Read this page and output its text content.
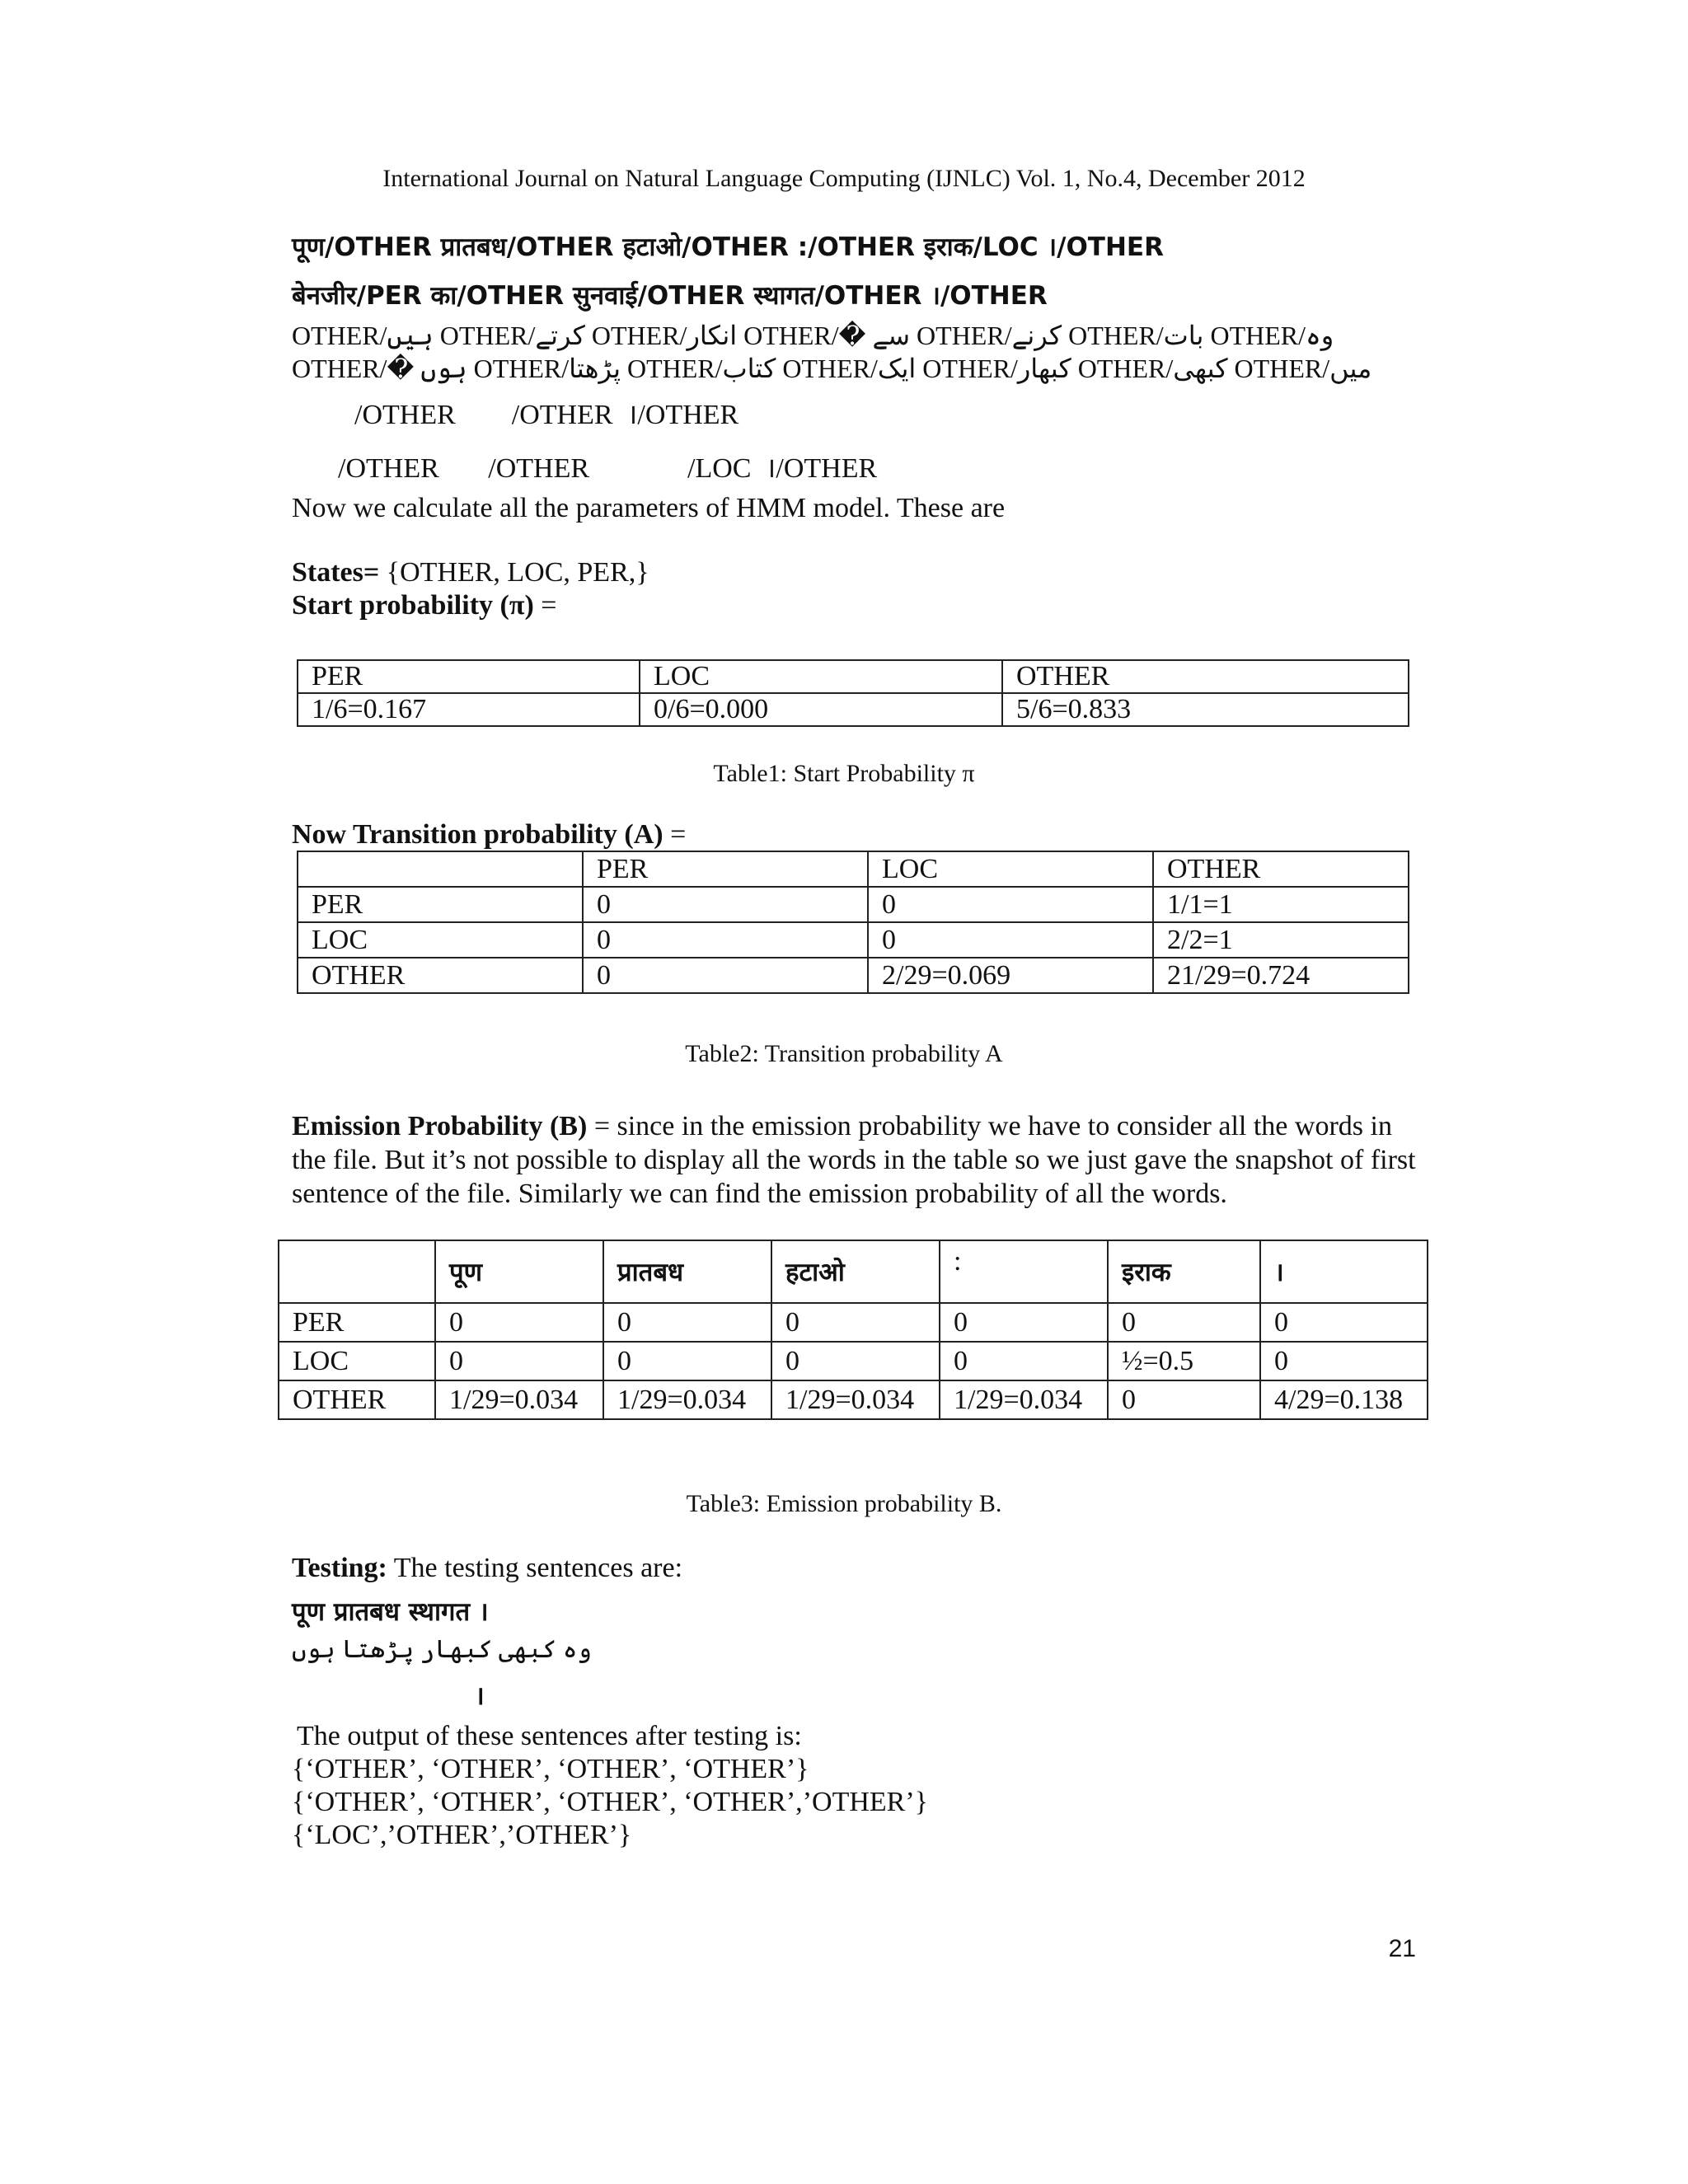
International Journal on Natural Language Computing (IJNLC) Vol. 1, No.4, December 2012
पूण/OTHER प्रातबध/OTHER हटाओ/OTHER :/OTHER इराक/LOC ।/OTHER
बेनजीर/PER का/OTHER सुनवाई/OTHER स्थागत/OTHER ।/OTHER
OTHER/ہیں OTHER/کرتے OTHER/انکار OTHER/� سے OTHER/کرنے OTHER/بات OTHER/وہ
OTHER/� ہوں OTHER/پڑھتا OTHER/کتاب OTHER/ایک OTHER/کبھار OTHER/کبھی OTHER/میں
/OTHER        /OTHER  ।/OTHER
/OTHER       /OTHER              /LOC  ।/OTHER
Now we calculate all the parameters of HMM model. These are
States= {OTHER, LOC, PER,}
Start probability (π) =
PER	LOC	OTHER
1/6=0.167	0/6=0.000	5/6=0.833
Table1: Start Probability π
Now Transition probability (A) =
	PER	LOC	OTHER
PER	0	0	1/1=1
LOC	0	0	2/2=1
OTHER	0	2/29=0.069	21/29=0.724
Table2: Transition probability A
Emission Probability (B) = since in the emission probability we have to consider all the words in the file. But it’s not possible to display all the words in the table so we just gave the snapshot of first sentence of the file. Similarly we can find the emission probability of all the words.
	पूण	प्रातबध	हटाओ	:	इराक	।
PER	0	0	0	0	0	0
LOC	0	0	0	0	½=0.5	0
OTHER	1/29=0.034	1/29=0.034	1/29=0.034	1/29=0.034	0	4/29=0.138
Table3: Emission probability B.
Testing: The testing sentences are:
पूण प्रातबध स्थागत ।
وہ کبھی کبھار پڑھتا ہوں
।
The output of these sentences after testing is:
{‘OTHER’, ‘OTHER’, ‘OTHER’, ‘OTHER’}
{‘OTHER’, ‘OTHER’, ‘OTHER’, ‘OTHER’,’OTHER’}
{‘LOC’,’OTHER’,’OTHER’}
21
